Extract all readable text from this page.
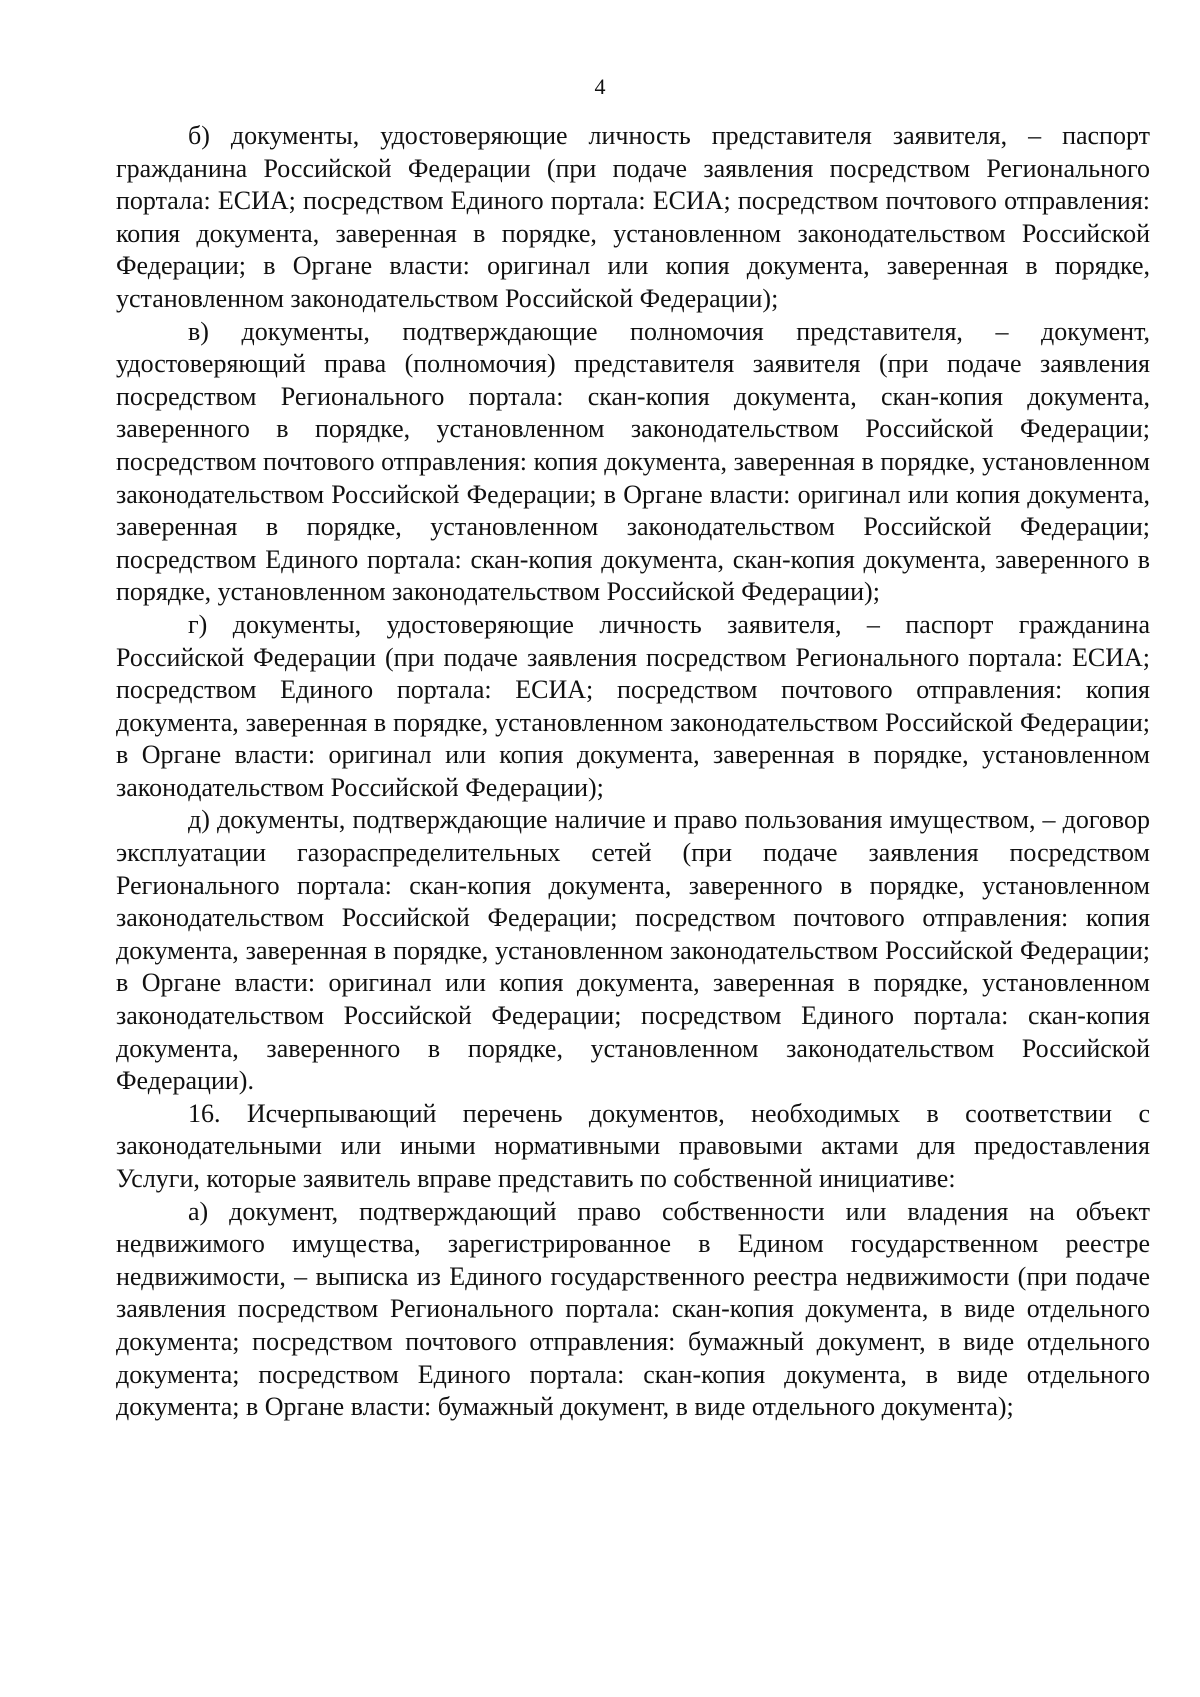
4

б) документы, удостоверяющие личность представителя заявителя, – паспорт гражданина Российской Федерации (при подаче заявления посредством Регионального портала: ЕСИА; посредством Единого портала: ЕСИА; посредством почтового отправления: копия документа, заверенная в порядке, установленном законодательством Российской Федерации; в Органе власти: оригинал или копия документа, заверенная в порядке, установленном законодательством Российской Федерации);

в) документы, подтверждающие полномочия представителя, – документ, удостоверяющий права (полномочия) представителя заявителя (при подаче заявления посредством Регионального портала: скан-копия документа, скан-копия документа, заверенного в порядке, установленном законодательством Российской Федерации; посредством почтового отправления: копия документа, заверенная в порядке, установленном законодательством Российской Федерации; в Органе власти: оригинал или копия документа, заверенная в порядке, установленном законодательством Российской Федерации; посредством Единого портала: скан-копия документа, скан-копия документа, заверенного в порядке, установленном законодательством Российской Федерации);

г) документы, удостоверяющие личность заявителя, – паспорт гражданина Российской Федерации (при подаче заявления посредством Регионального портала: ЕСИА; посредством Единого портала: ЕСИА; посредством почтового отправления: копия документа, заверенная в порядке, установленном законодательством Российской Федерации; в Органе власти: оригинал или копия документа, заверенная в порядке, установленном законодательством Российской Федерации);

д) документы, подтверждающие наличие и право пользования имуществом, – договор эксплуатации газораспределительных сетей (при подаче заявления посредством Регионального портала: скан-копия документа, заверенного в порядке, установленном законодательством Российской Федерации; посредством почтового отправления: копия документа, заверенная в порядке, установленном законодательством Российской Федерации; в Органе власти: оригинал или копия документа, заверенная в порядке, установленном законодательством Российской Федерации; посредством Единого портала: скан-копия документа, заверенного в порядке, установленном законодательством Российской Федерации).

16. Исчерпывающий перечень документов, необходимых в соответствии с законодательными или иными нормативными правовыми актами для предоставления Услуги, которые заявитель вправе представить по собственной инициативе:

а) документ, подтверждающий право собственности или владения на объект недвижимого имущества, зарегистрированное в Едином государственном реестре недвижимости, – выписка из Единого государственного реестра недвижимости (при подаче заявления посредством Регионального портала: скан-копия документа, в виде отдельного документа; посредством почтового отправления: бумажный документ, в виде отдельного документа; посредством Единого портала: скан-копия документа, в виде отдельного документа; в Органе власти: бумажный документ, в виде отдельного документа);
